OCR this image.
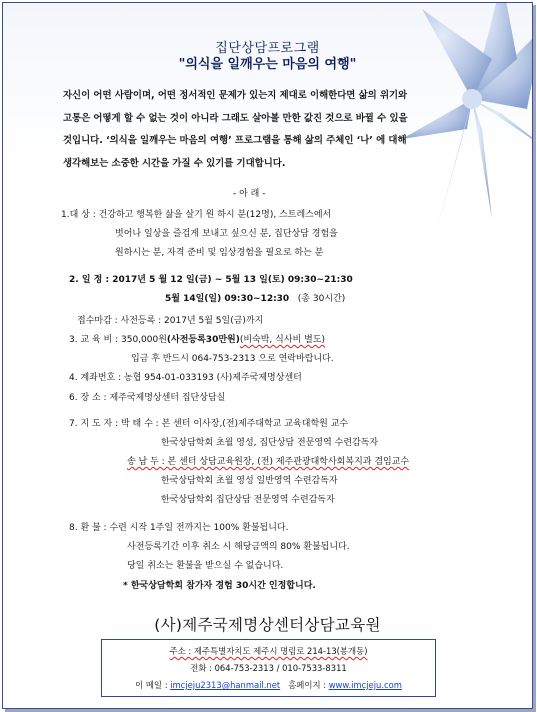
집단상담프로그램
"의식을 일깨우는 마음의 여행"
자신이 어떤 사람이며, 어떤 정서적인 문제가 있는지 제대로 이해한다면 삶의 위기와
고통은 어떻게 할 수 없는 것이 아니라 그래도 살아볼 만한 값진 것으로 바뀔 수 있을
것입니다. ‘의식을 일깨우는 마음의 여행’ 프로그램을 통해 삶의 주체인 ‘나’ 에 대해
생각해보는 소중한 시간을 가질 수 있기를 기대합니다.
- 아 래 -
1.대 상 : 건강하고 행복한 삶을 살기 원 하시 분(12명), 스트레스에서
벗어나 일상을 즐겁게 보내고 싶으신 분, 집단상담 경험을
원하시는 분, 자격 준비 및 임상경험을 필요로 하는 분
2. 일 정 : 2017년 5 월 12 일(금) ~ 5월 13 일(토) 09:30~21:30
5월 14일(일) 09:30~12:30 (총 30시간)
접수마감 : 사전등록 : 2017년 5월 5일(금)까지
3. 교 육 비 : 350,000원(사전등록30만원)(비숙박, 식사비 별도)
입금 후 반드시 064-753-2313 으로 연락바랍니다.
4. 계좌번호 : 농협 954-01-033193 (사)제주국제명상센터
6. 장 소 : 제주국제명상센터 집단상담실
7. 지 도 자 : 박 태 수 : 본 센터 이사장,(전)제주대학교 교육대학원 교수
한국상담학회 초월 영성, 집단상담 전문영역 수련감독자
송 남 두 : 본 센터 상담교육원장, (전) 제주관광대학사회복지과 겸임교수
한국상담학회 초월 영성 일반영역 수련감독자
한국상담학회 집단상담 전문영역 수련감독자
8. 환 불 : 수련 시작 1주일 전까지는 100% 환불됩니다.
사전등록기간 이후 취소 시 해당금액의 80% 환불됩니다.
당일 취소는 환불을 받으실 수 없습니다.
* 한국상담학회 참가자 경험 30시간 인정합니다.
(사)제주국제명상센터상담교육원
주소 : 제주특별자치도 제주시 명림로 214-13(봉개동)
전화 : 064-753-2313 / 010-7533-8311
이 메일 : imcjeju2313@hanmail.net 홈페이지 : www.imcjeju.com
